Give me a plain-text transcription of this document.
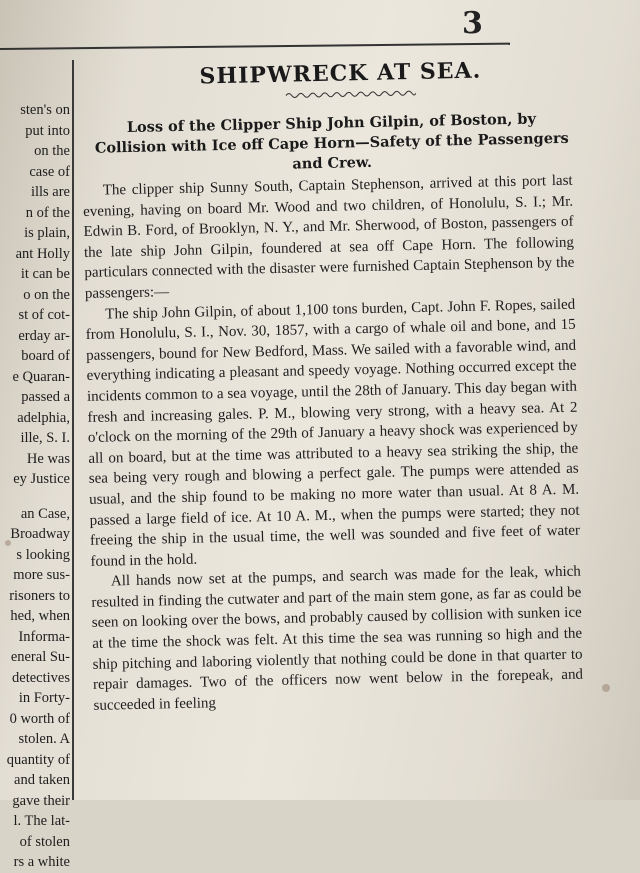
3
sten's on
put into
on the
case of
ills are
n of the
is plain,
ant Holly
it can be
o on the
st of cot-
erday ar-
board of
e Quaran-
passed a
adelphia,
ille, S. I.
He was
ey Justice
an Case,
Broadway
s looking
more sus-
risoners to
hed, when
Informa-
eneral Su-
detectives
in Forty-
0 worth of
stolen. A
quantity of
and taken
gave their
l. The lat-
of stolen
rs a white
SHIPWRECK AT SEA.
Loss of the Clipper Ship John Gilpin, of Boston, by Collision with Ice off Cape Horn—Safety of the Passengers and Crew.

The clipper ship Sunny South, Captain Stephenson, arrived at this port last evening, having on board Mr. Wood and two children, of Honolulu, S. I.; Mr. Edwin B. Ford, of Brooklyn, N. Y., and Mr. Sherwood, of Boston, passengers of the late ship John Gilpin, foundered at sea off Cape Horn. The following particulars connected with the disaster were furnished Captain Stephenson by the passengers:—

The ship John Gilpin, of about 1,100 tons burden, Capt. John F. Ropes, sailed from Honolulu, S. I., Nov. 30, 1857, with a cargo of whale oil and bone, and 15 passengers, bound for New Bedford, Mass. We sailed with a favorable wind, and everything indicating a pleasant and speedy voyage. Nothing occurred except the incidents common to a sea voyage, until the 28th of January. This day began with fresh and increasing gales. P. M., blowing very strong, with a heavy sea. At 2 o'clock on the morning of the 29th of January a heavy shock was experienced by all on board, but at the time was attributed to a heavy sea striking the ship, the sea being very rough and blowing a perfect gale. The pumps were attended as usual, and the ship found to be making no more water than usual. At 8 A. M. passed a large field of ice. At 10 A. M., when the pumps were started; they not freeing the ship in the usual time, the well was sounded and five feet of water found in the hold.

All hands now set at the pumps, and search was made for the leak, which resulted in finding the cutwater and part of the main stem gone, as far as could be seen on looking over the bows, and probably caused by collision with sunken ice at the time the shock was felt. At this time the sea was running so high and the ship pitching and laboring violently that nothing could be done in that quarter to repair damages. Two of the officers now went below in the forepeak, and succeeded in feeling
